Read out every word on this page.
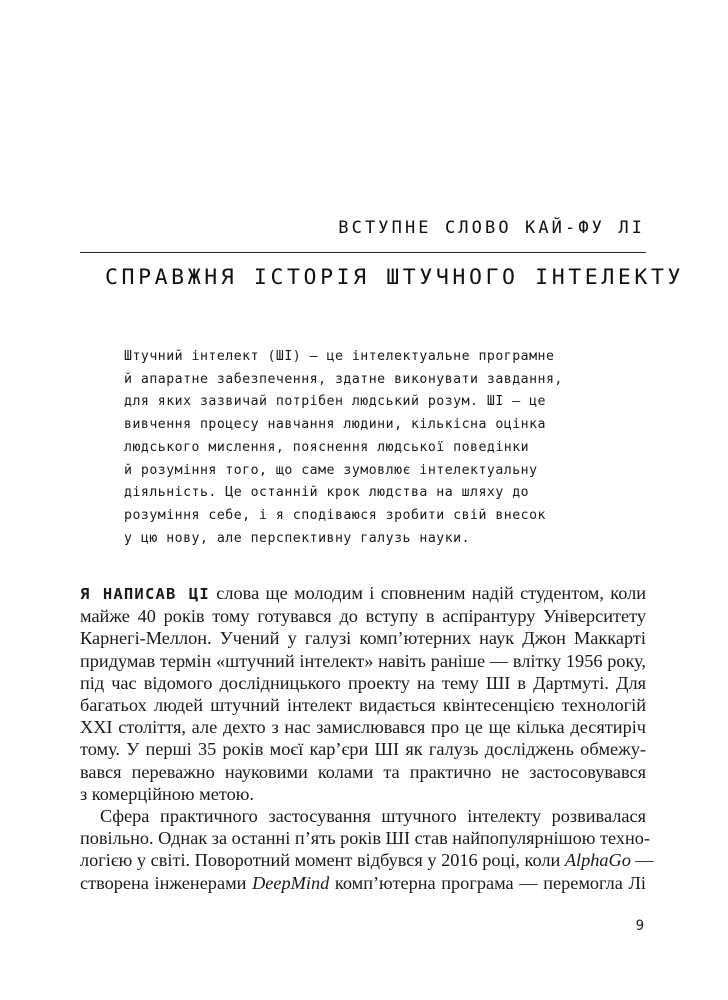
ВСТУПНЕ СЛОВО КАЙ-ФУ ЛІ
СПРАВЖНЯ ІСТОРІЯ ШТУЧНОГО ІНТЕЛЕКТУ
Штучний інтелект (ШІ) — це інтелектуальне програмне
й апаратне забезпечення, здатне виконувати завдання,
для яких зазвичай потрібен людський розум. ШІ — це
вивчення процесу навчання людини, кількісна оцінка
людського мислення, пояснення людської поведінки
й розуміння того, що саме зумовлює інтелектуальну
діяльність. Це останній крок людства на шляху до
розуміння себе, і я сподіваюся зробити свій внесок
у цю нову, але перспективну галузь науки.
Я НАПИСАВ ЦІ слова ще молодим і сповненим надій студентом, коли
майже 40 років тому готувався до вступу в аспірантуру Університету
Карнегі-Меллон. Учений у галузі комп’ютерних наук Джон Маккарті
придумав термін «штучний інтелект» навіть раніше — влітку 1956 року,
під час відомого дослідницького проекту на тему ШІ в Дартмуті. Для
багатьох людей штучний інтелект видається квінтесенцією технологій
XXI століття, але дехто з нас замислювався про це ще кілька десятиріч
тому. У перші 35 років моєї кар’єри ШІ як галузь досліджень обмежу-
вався переважно науковими колами та практично не застосовувався
з комерційною метою.
Сфера практичного застосування штучного інтелекту розвивалася
повільно. Однак за останні п’ять років ШІ став найпопулярнішою техно-
логією у світі. Поворотний момент відбувся у 2016 році, коли AlphaGo —
створена інженерами DeepMind комп’ютерна програма — перемогла Лі
9
